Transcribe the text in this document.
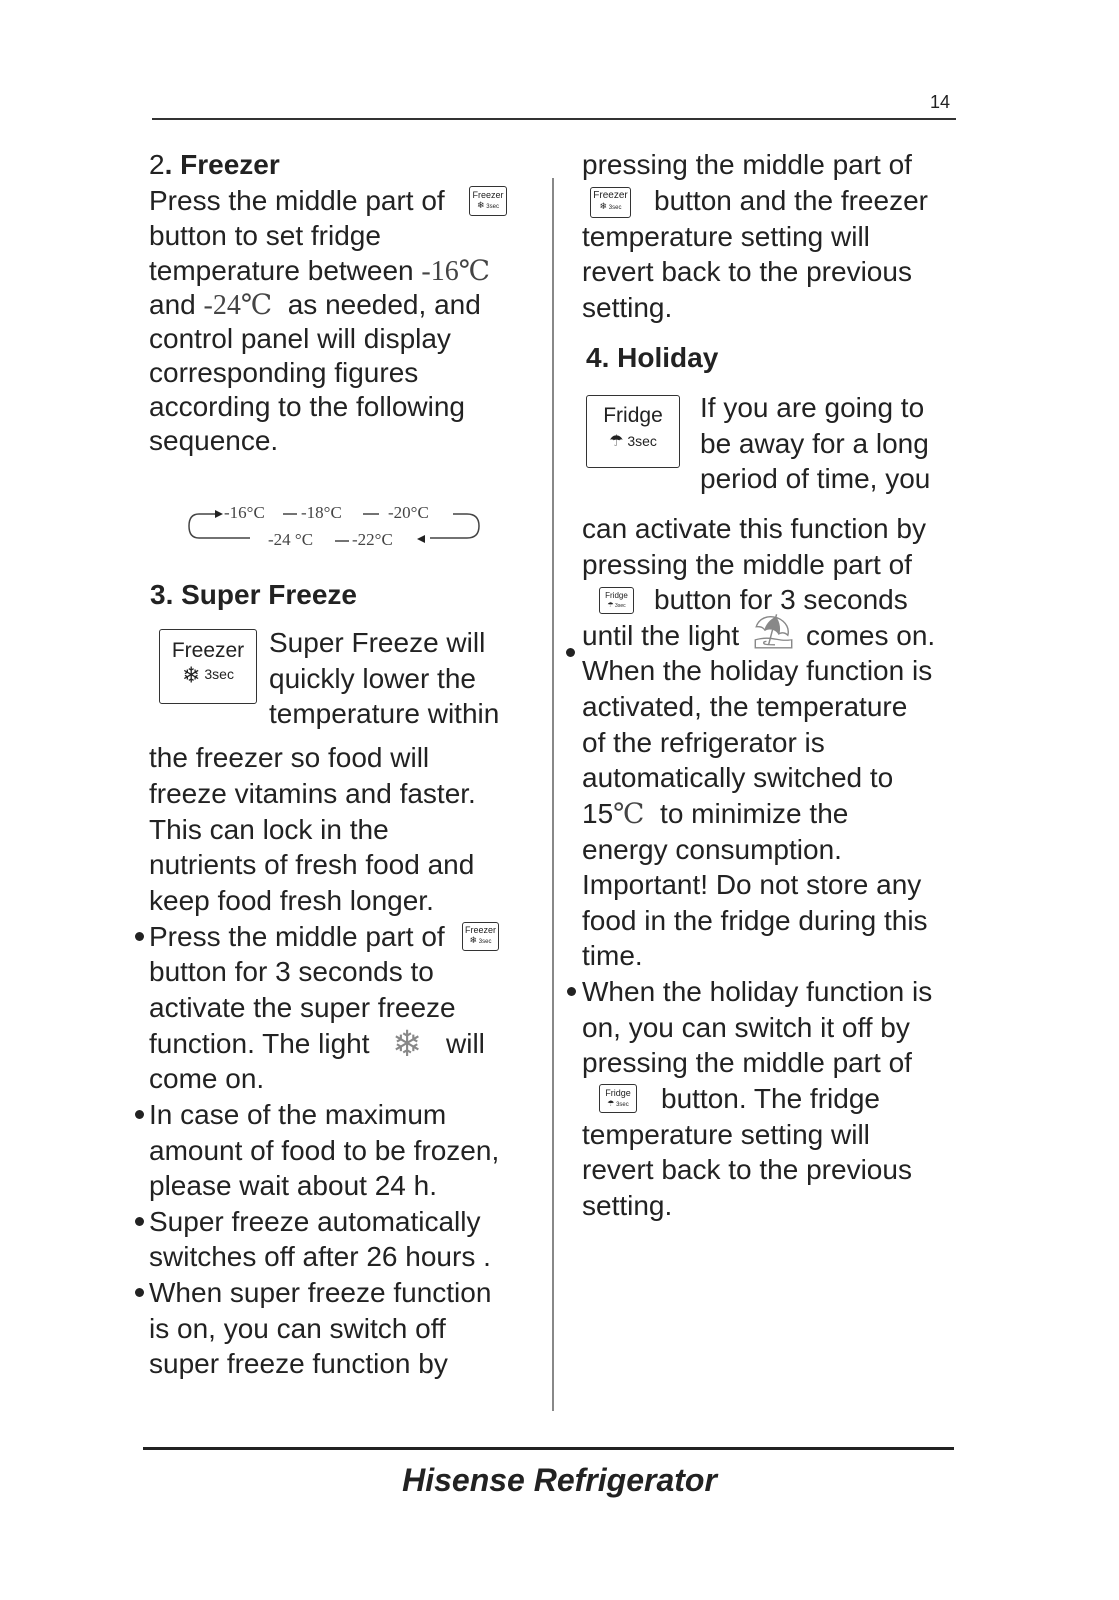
14
2. Freezer
Press the middle part of	Freezer
❄ 3sec
button to set fridge
temperature between -16℃
and -24℃ as needed, and
control panel will display
corresponding figures
according to the following
sequence.
-16°C -18°C	-20°C
-24 °C -22°C
3. Super Freeze
Freezer
❄ 3sec
Super Freeze will
quickly lower the
temperature within
the freezer so food will
freeze vitamins and faster.
This can lock in the
nutrients of fresh food and
keep food fresh longer.
Press the middle part of Freezer
❄ 3sec
button for 3 seconds to
activate the super freeze
function. The light ❄ will
come on.
In case of the maximum
amount of food to be frozen,
please wait about 24 h.
Super freeze automatically
switches off after 26 hours .
When super freeze function
is on, you can switch off
super freeze function by
pressing the middle part of
Freezer
❄ 3sec	button and the freezer
temperature setting will
revert back to the previous
setting.
4. Holiday
Fridge
☂ 3sec
If you are going to
be away for a long
period of time, you
can activate this function by
pressing the middle part of
Fridge
☂ 3sec button for 3 seconds
until the light ⛱ comes on.
When the holiday function is
activated, the temperature
of the refrigerator is
automatically switched to
15℃ to minimize the
energy consumption.
Important! Do not store any
food in the fridge during this
time.
When the holiday function is
on, you can switch it off by
pressing the middle part of
Fridge
☂ 3sec button. The fridge
temperature setting will
revert back to the previous
setting.
Hisense Refrigerator
